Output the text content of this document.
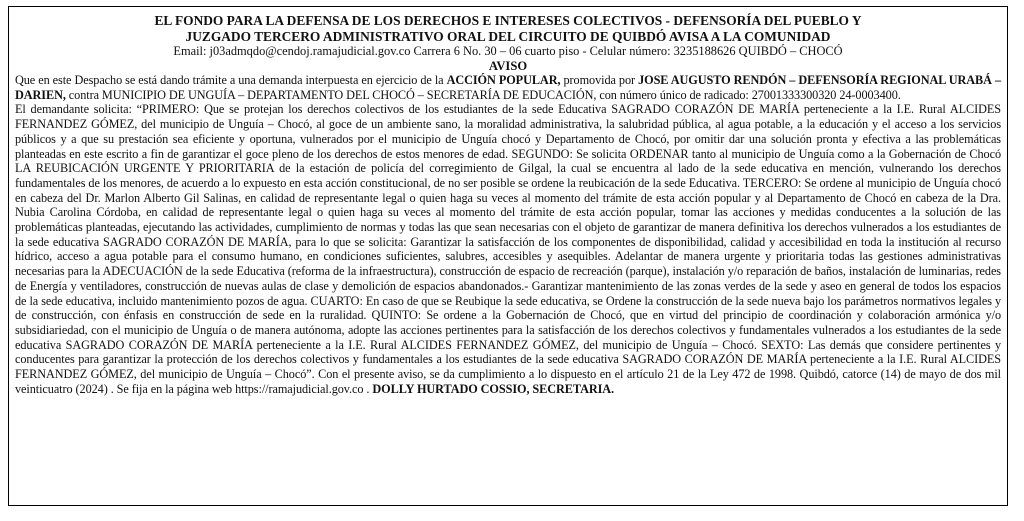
EL FONDO PARA LA DEFENSA DE LOS DERECHOS E INTERESES COLECTIVOS - DEFENSORÍA DEL PUEBLO Y

JUZGADO TERCERO ADMINISTRATIVO ORAL DEL CIRCUITO DE QUIBDÓ AVISA A LA COMUNIDAD

Email: j03admqdo@cendoj.ramajudicial.gov.co Carrera 6 No. 30 – 06 cuarto piso - Celular número: 3235188626 QUIBDÓ – CHOCÓ

AVISO

Que en este Despacho se está dando trámite a una demanda interpuesta en ejercicio de la ACCIÓN POPULAR, promovida por JOSE AUGUSTO RENDÓN – DEFENSORÍA REGIONAL URABÁ –DARIEN, contra MUNICIPIO DE UNGUÍA – DEPARTAMENTO DEL CHOCÓ – SECRETARÍA DE EDUCACIÓN, con número único de radicado: 27001333300320 24-0003400.

El demandante solicita: “PRIMERO: Que se protejan los derechos colectivos de los estudiantes de la sede Educativa SAGRADO CORAZÓN DE MARÍA perteneciente a la I.E. Rural ALCIDES FERNANDEZ GÓMEZ, del municipio de Unguía – Chocó, al goce de un ambiente sano, la moralidad administrativa, la salubridad pública, al agua potable, a la educación y el acceso a los servicios públicos y a que su prestación sea eficiente y oportuna, vulnerados por el municipio de Unguía chocó y Departamento de Chocó, por omitir dar una solución pronta y efectiva a las problemáticas planteadas en este escrito a fin de garantizar el goce pleno de los derechos de estos menores de edad. SEGUNDO: Se solicita ORDENAR tanto al municipio de Unguía como a la Gobernación de Chocó LA REUBICACIÓN URGENTE Y PRIORITARIA de la estación de policía del corregimiento de Gilgal, la cual se encuentra al lado de la sede educativa en mención, vulnerando los derechos fundamentales de los menores, de acuerdo a lo expuesto en esta acción constitucional, de no ser posible se ordene la reubicación de la sede Educativa. TERCERO: Se ordene al municipio de Unguía chocó en cabeza del Dr. Marlon Alberto Gil Salinas, en calidad de representante legal o quien haga su veces al momento del trámite de esta acción popular y al Departamento de Chocó en cabeza de la Dra. Nubia Carolina Córdoba, en calidad de representante legal o quien haga su veces al momento del trámite de esta acción popular, tomar las acciones y medidas conducentes a la solución de las problemáticas planteadas, ejecutando las actividades, cumplimiento de normas y todas las que sean necesarias con el objeto de garantizar de manera definitiva los derechos vulnerados a los estudiantes de la sede educativa SAGRADO CORAZÓN DE MARÍA, para lo que se solicita: Garantizar la satisfacción de los componentes de disponibilidad, calidad y accesibilidad en toda la institución al recurso hídrico, acceso a agua potable para el consumo humano, en condiciones suficientes, salubres, accesibles y asequibles. Adelantar de manera urgente y prioritaria todas las gestiones administrativas necesarias para la ADECUACIÓN de la sede Educativa (reforma de la infraestructura), construcción de espacio de recreación (parque), instalación y/o reparación de baños, instalación de luminarias, redes de Energía y ventiladores, construcción de nuevas aulas de clase y demolición de espacios abandonados.- Garantizar mantenimiento de las zonas verdes de la sede y aseo en general de todos los espacios de la sede educativa, incluido mantenimiento pozos de agua. CUARTO: En caso de que se Reubique la sede educativa, se Ordene la construcción de la sede nueva bajo los parámetros normativos legales y de construcción, con énfasis en construcción de sede en la ruralidad. QUINTO: Se ordene a la Gobernación de Chocó, que en virtud del principio de coordinación y colaboración armónica y/o subsidiariedad, con el municipio de Unguía o de manera autónoma, adopte las acciones pertinentes para la satisfacción de los derechos colectivos y fundamentales vulnerados a los estudiantes de la sede educativa SAGRADO CORAZÓN DE MARÍA perteneciente a la I.E. Rural ALCIDES FERNANDEZ GÓMEZ, del municipio de Unguía – Chocó. SEXTO: Las demás que considere pertinentes y conducentes para garantizar la protección de los derechos colectivos y fundamentales a los estudiantes de la sede educativa SAGRADO CORAZÓN DE MARÍA perteneciente a la I.E. Rural ALCIDES FERNANDEZ GÓMEZ, del municipio de Unguía – Chocó”. Con el presente aviso, se da cumplimiento a lo dispuesto en el artículo 21 de la Ley 472 de 1998. Quibdó, catorce (14) de mayo de dos mil veinticuatro (2024) . Se fija en la página web https://ramajudicial.gov.co . DOLLY HURTADO COSSIO, SECRETARIA.
